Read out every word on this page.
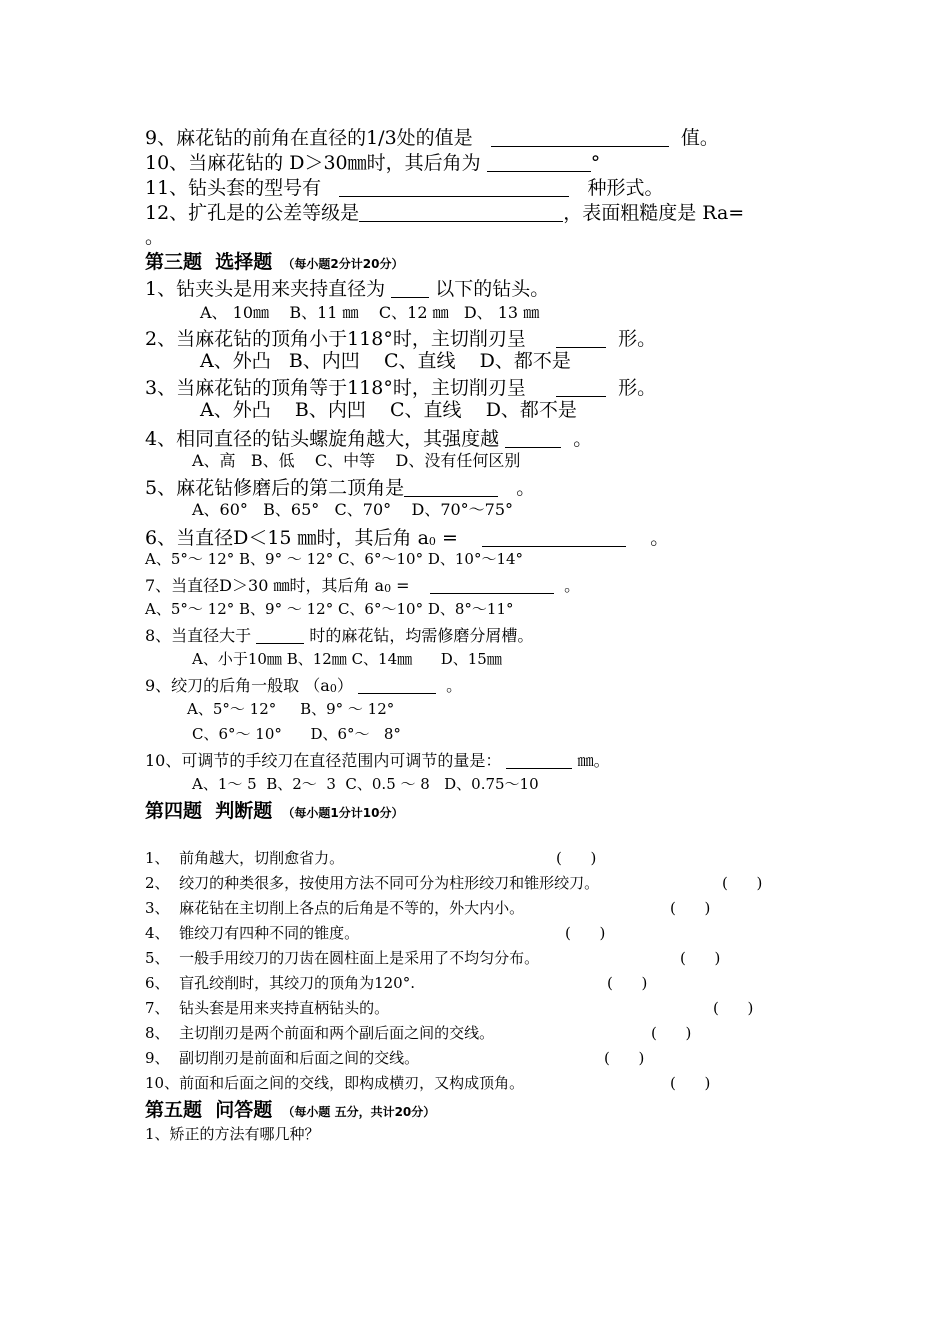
9、麻花钻的前角在直径的1/3处的值是	值。
10、当麻花钻的 D＞30㎜时，其后角为	°
11、钻头套的型号有	种形式。
12、扩孔是的公差等级是	，表面粗糙度是 Ra=
。
第三题  选择题 （每小题2分计20分）
1、钻夹头是用来夹持直径为	以下的钻头。
A、 10㎜    B、11 ㎜    C、12 ㎜   D、 13 ㎜
2、当麻花钻的顶角小于118°时，主切削刃呈	形。
A、外凸   B、内凹    C、直线    D、都不是
3、当麻花钻的顶角等于118°时，主切削刃呈	形。
A、外凸    B、内凹    C、直线    D、都不是
4、相同直径的钻头螺旋角越大，其强度越	。
A、高   B、低    C、中等    D、没有任何区别
5、麻花钻修磨后的第二顶角是	。
A、60°   B、65°   C、70°    D、70°～75°
6、当直径D＜15 ㎜时，其后角 a0 =	。
A、5°～ 12° B、9° ～ 12° C、6°～10° D、10°～14°
7、当直径D＞30 ㎜时，其后角 a0 =	。
A、5°～ 12° B、9° ～ 12° C、6°～10° D、8°～11°
8、当直径大于	时的麻花钻，均需修磨分屑槽。
A、小于10㎜ B、12㎜ C、14㎜      D、15㎜
9、绞刀的后角一般取 （a0）	。
A、5°～ 12°     B、9° ～ 12°
C、6°～ 10°      D、6°～   8°
10、可调节的手绞刀在直径范围内可调节的量是：	㎜。
A、1～ 5  B、2～  3  C、0.5 ～ 8   D、0.75～10
第四题  判断题 （每小题1分计10分）
1、  前角越大，切削愈省力。	(      )
2、  绞刀的种类很多，按使用方法不同可分为柱形绞刀和锥形绞刀。	(      )
3、  麻花钻在主切削上各点的后角是不等的，外大内小。	(      )
4、  锥绞刀有四种不同的锥度。	(      )
5、  一般手用绞刀的刀齿在圆柱面上是采用了不均匀分布。	(      )
6、  盲孔绞削时，其绞刀的顶角为120°.	(      )
7、  钻头套是用来夹持直柄钻头的。	(      )
8、  主切削刃是两个前面和两个副后面之间的交线。	(      )
9、  副切削刃是前面和后面之间的交线。	(      )
10、前面和后面之间的交线，即构成横刃，又构成顶角。	(      )
第五题  问答题 （每小题 五分，共计20分）
1、矫正的方法有哪几种？
